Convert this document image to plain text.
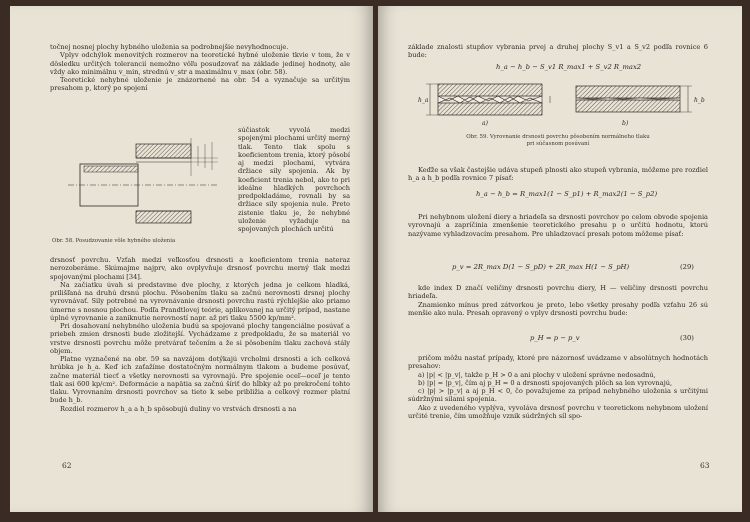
točnej nosnej plochy hybného uloženia sa podrobnejšie nevyhodnocuje.

Vplyv odchýlok menovitých rozmerov na teoretické hybné uloženie tkvie v tom, že v dôsledku určitých tolerancií nemožno vôľu posudzovať na základe jedinej hodnoty, ale vždy ako minimálnu v_min, strednú v_str a maximálnu v_max (obr. 58).

Teoretické nehybné uloženie je znázornené na obr. 54 a vyznačuje sa určitým presahom p, ktorý po spojení

Obr. 58. Posudzovanie vôle hybného uloženia

súčiastok vyvolá medzi spojenými plochami určitý merný tlak. Tento tlak spolu s koeficientom trenia, ktorý pôsobí aj medzi plochami, vytvára držiace sily spojenia. Ak by koeficient trenia nebol, ako to pri ideálne hladkých povrchoch predpokladáme, rovnali by sa držiace sily spojenia nule. Preto zistenie tlaku je, že nehybné uloženie vyžaduje na spojovaných plochách určitú

drsnosť povrchu. Vzťah medzi veľkosťou drsnosti a koeficientom trenia nateraz nerozoberáme. Skúmajme najprv, ako ovplyvňuje drsnosť povrchu merný tlak medzi spojovanými plochami [34].

Na začiatku úvah si predstavme dve plochy, z ktorých jedna je celkom hladká, prilišľaná na druhú drsnú plochu. Pôsobením tlaku sa začnú nerovnosti drsnej plochy vyrovnávať. Sily potrebné na vyrovnávanie drsnosti povrchu rastú rýchlejšie ako priamo úmerne s nosnou plochou. Podľa Prandtlovej teórie, aplikovanej na určitý prípad, nastane úplné vyrovnanie a zaniknutie nerovností napr. až pri tlaku 5500 kp/mm².

Pri dosahovaní nehybného uloženia budú sa spojované plochy tangenciálne posúvať a priebeh zmien drsnosti bude zložitejší. Vychádzame z predpokladu, že sa materiál vo vrstve drsnosti povrchu môže pretvárať tečením a že si pôsobením tlaku zachová stály objem.

Platne vyznačené na obr. 59 sa navzájom dotýkajú vrcholmi drsnosti a ich celková hrúbka je h_a. Keď ich zaťažíme dostatočným normálnym tlakom a budeme posúvať, začne materiál tiecť a všetky nerovnosti sa vyrovnajú. Pre spojenie oceľ—oceľ je tento tlak asi 600 kp/cm². Deformácie a napätia sa začnú šíriť do hĺbky až po prekročení tohto tlaku. Vyrovnaním drsnosti povrchov sa tieto k sebe približia a celkový rozmer platní bude h_b.

Rozdiel rozmerov h_a a h_b spôsobujú duliny vo vrstvách drsnosti a na

62
základe znalosti stupňov vybrania prvej a druhej plochy S_v1 a S_v2 podľa rovnice 6 bude:
h_a − h_b − S_v1 R_max1 + S_v2 R_max2
h_a
a)
h_b
b)
Obr. 59. Vyrovnanie drsnosti povrchu pôsobením normálneho tlaku
pri súčasnom posúvaní

Keďže sa však častejšie udáva stupeň plnosti ako stupeň vybrania, môžeme pre rozdiel h_a a h_b podľa rovnice 7 písať:

h_a − h_b = R_max1(1 − S_p1) + R_max2(1 − S_p2)

Pri nehybnom uložení diery a hriadeľa sa drsnosti povrchov po celom obvode spojenia vyrovnajú a zapríčinia zmenšenie teoretického presahu p o určitú hodnotu, ktorú nazývame vyhladzovacím presahom. Pre uhladzovací presah potom môžeme písať:

p_v = 2R_max D(1 − S_pD) + 2R_max H(1 − S_pH)	(29)

kde index D značí veličiny drsnosti povrchu diery, H — veličiny drsnosti povrchu hriadeľa.

Znamienko mínus pred zátvorkou je preto, lebo všetky presahy podľa vzťahu 26 sú menšie ako nula. Presah opravený o vplyv drsnosti povrchu bude:

p_H = p − p_v	(30)

pričom môžu nastať prípady, ktoré pre názornosť uvádzame v absolútnych hodnotách presahov:

a) |p| < |p_v|, takže p_H > 0 a ani plochy v uložení správne nedosadnú,

b) |p| = |p_v|, čím aj p_H = 0 a drsnosti spojovaných plôch sa len vyrovnajú,

c) |p| > |p_v| a aj p_H < 0, čo považujeme za prípad nehybného uloženia s určitými súdržnými silami spojenia.

Ako z uvedeného vyplýva, vyvoláva drsnosť povrchu v teoretickom nehybnom uložení určité trenie, čím umožňuje vznik súdržných síl spo-

63
